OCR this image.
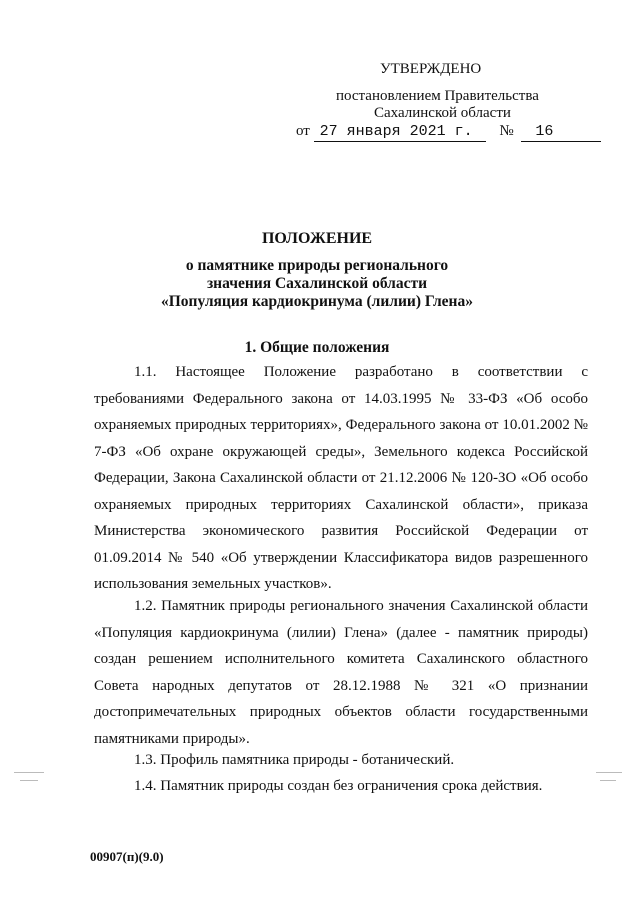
УТВЕРЖДЕНО
постановлением Правительства
Сахалинской области
от 27 января 2021 г. № 16
ПОЛОЖЕНИЕ
о памятнике природы регионального
значения Сахалинской области
«Популяция кардиокринума (лилии) Глена»
1. Общие положения
1.1. Настоящее Положение разработано в соответствии с требованиями Федерального закона от 14.03.1995 № 33-ФЗ «Об особо охраняемых природных территориях», Федерального закона от 10.01.2002 № 7-ФЗ «Об охране окружающей среды», Земельного кодекса Российской Федерации, Закона Сахалинской области от 21.12.2006 № 120-ЗО «Об особо охраняемых природных территориях Сахалинской области», приказа Министерства экономического развития Российской Федерации от 01.09.2014 № 540 «Об утверждении Классификатора видов разрешенного использования земельных участков».
1.2. Памятник природы регионального значения Сахалинской области «Популяция кардиокринума (лилии) Глена» (далее - памятник природы) создан решением исполнительного комитета Сахалинского областного Совета народных депутатов от 28.12.1988 № 321 «О признании достопримечательных природных объектов области государственными памятниками природы».
1.3. Профиль памятника природы - ботанический.
1.4. Памятник природы создан без ограничения срока действия.
00907(п)(9.0)
